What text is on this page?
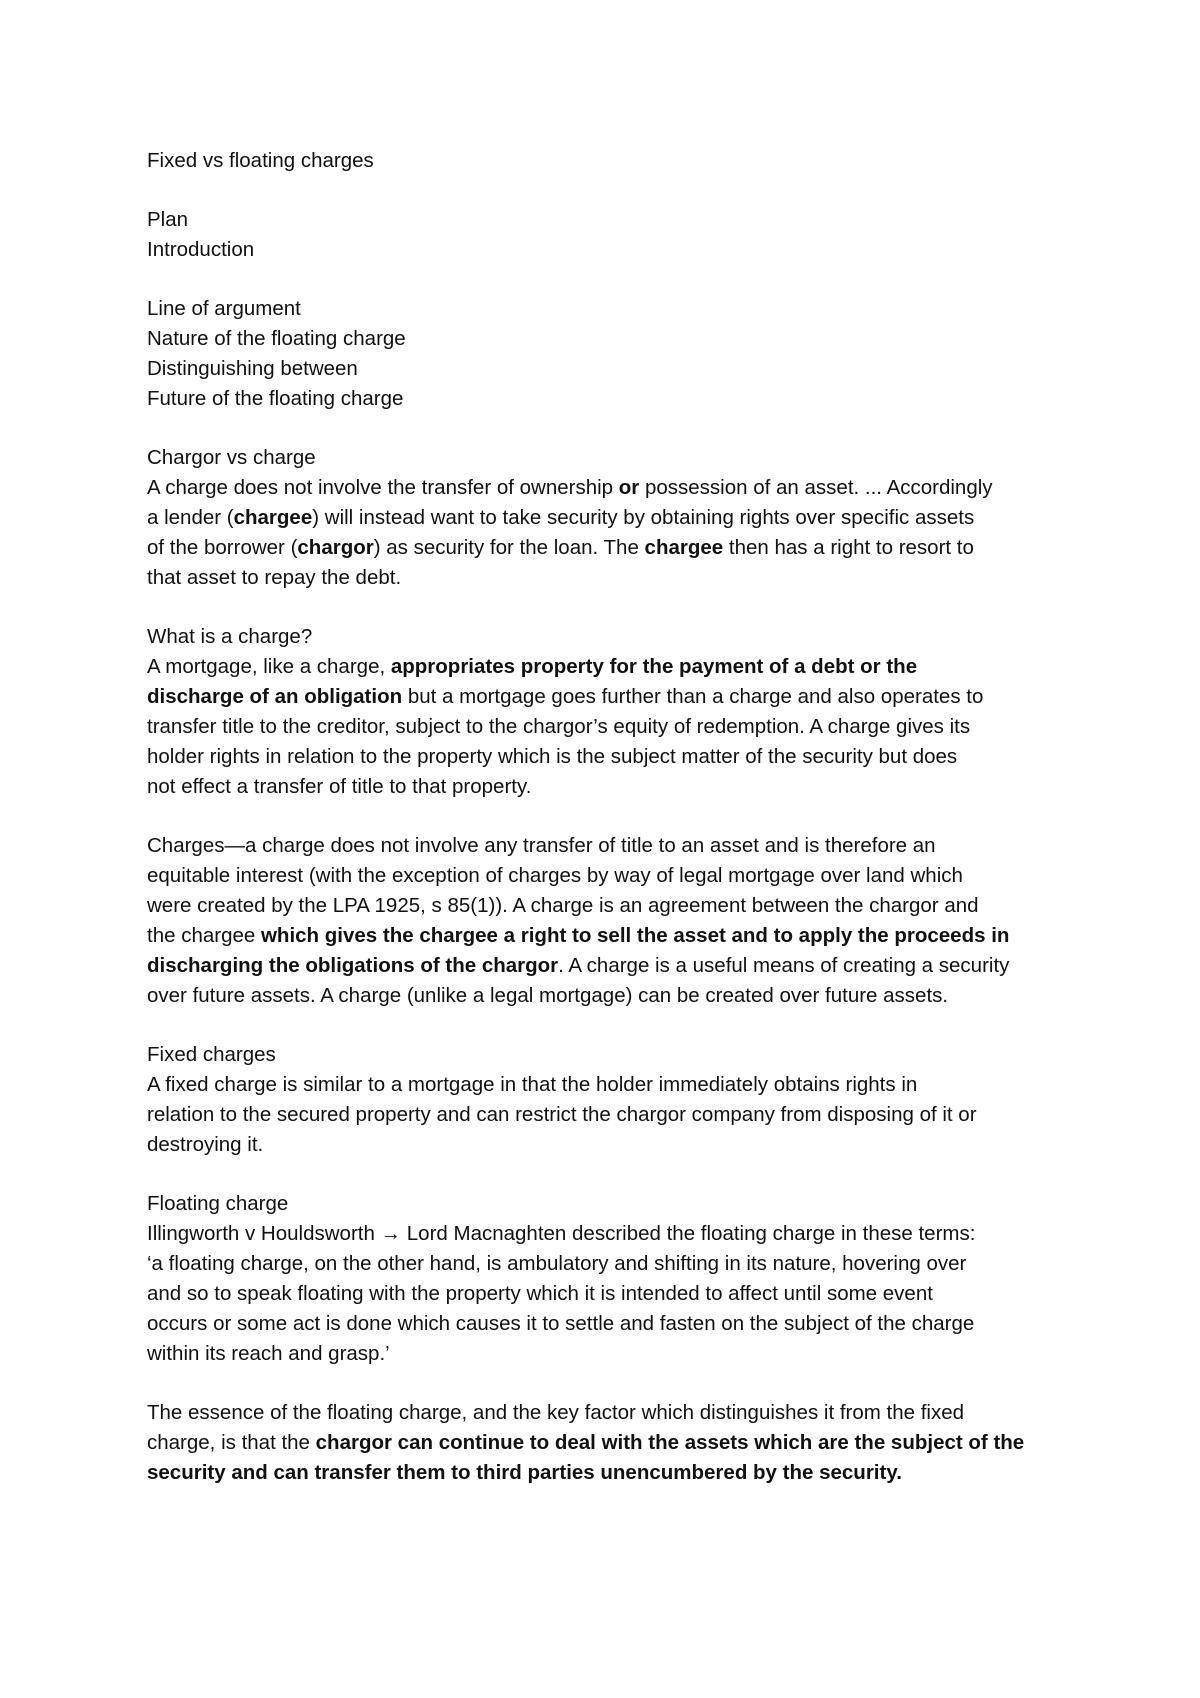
Fixed vs floating charges
Plan
Introduction
Line of argument
Nature of the floating charge
Distinguishing between
Future of the floating charge
Chargor vs charge
A charge does not involve the transfer of ownership or possession of an asset. ... Accordingly
a lender (chargee) will instead want to take security by obtaining rights over specific assets
of the borrower (chargor) as security for the loan. The chargee then has a right to resort to
that asset to repay the debt.
What is a charge?
A mortgage, like a charge, appropriates property for the payment of a debt or the
discharge of an obligation but a mortgage goes further than a charge and also operates to
transfer title to the creditor, subject to the chargor’s equity of redemption. A charge gives its
holder rights in relation to the property which is the subject matter of the security but does
not effect a transfer of title to that property.
Charges—a charge does not involve any transfer of title to an asset and is therefore an
equitable interest (with the exception of charges by way of legal mortgage over land which
were created by the LPA 1925, s 85(1)). A charge is an agreement between the chargor and
the chargee which gives the chargee a right to sell the asset and to apply the proceeds in
discharging the obligations of the chargor. A charge is a useful means of creating a security
over future assets. A charge (unlike a legal mortgage) can be created over future assets.
Fixed charges
A fixed charge is similar to a mortgage in that the holder immediately obtains rights in
relation to the secured property and can restrict the chargor company from disposing of it or
destroying it.
Floating charge
Illingworth v Houldsworth → Lord Macnaghten described the floating charge in these terms:
‘a floating charge, on the other hand, is ambulatory and shifting in its nature, hovering over
and so to speak floating with the property which it is intended to affect until some event
occurs or some act is done which causes it to settle and fasten on the subject of the charge
within its reach and grasp.’
The essence of the floating charge, and the key factor which distinguishes it from the fixed
charge, is that the chargor can continue to deal with the assets which are the subject of the
security and can transfer them to third parties unencumbered by the security.
